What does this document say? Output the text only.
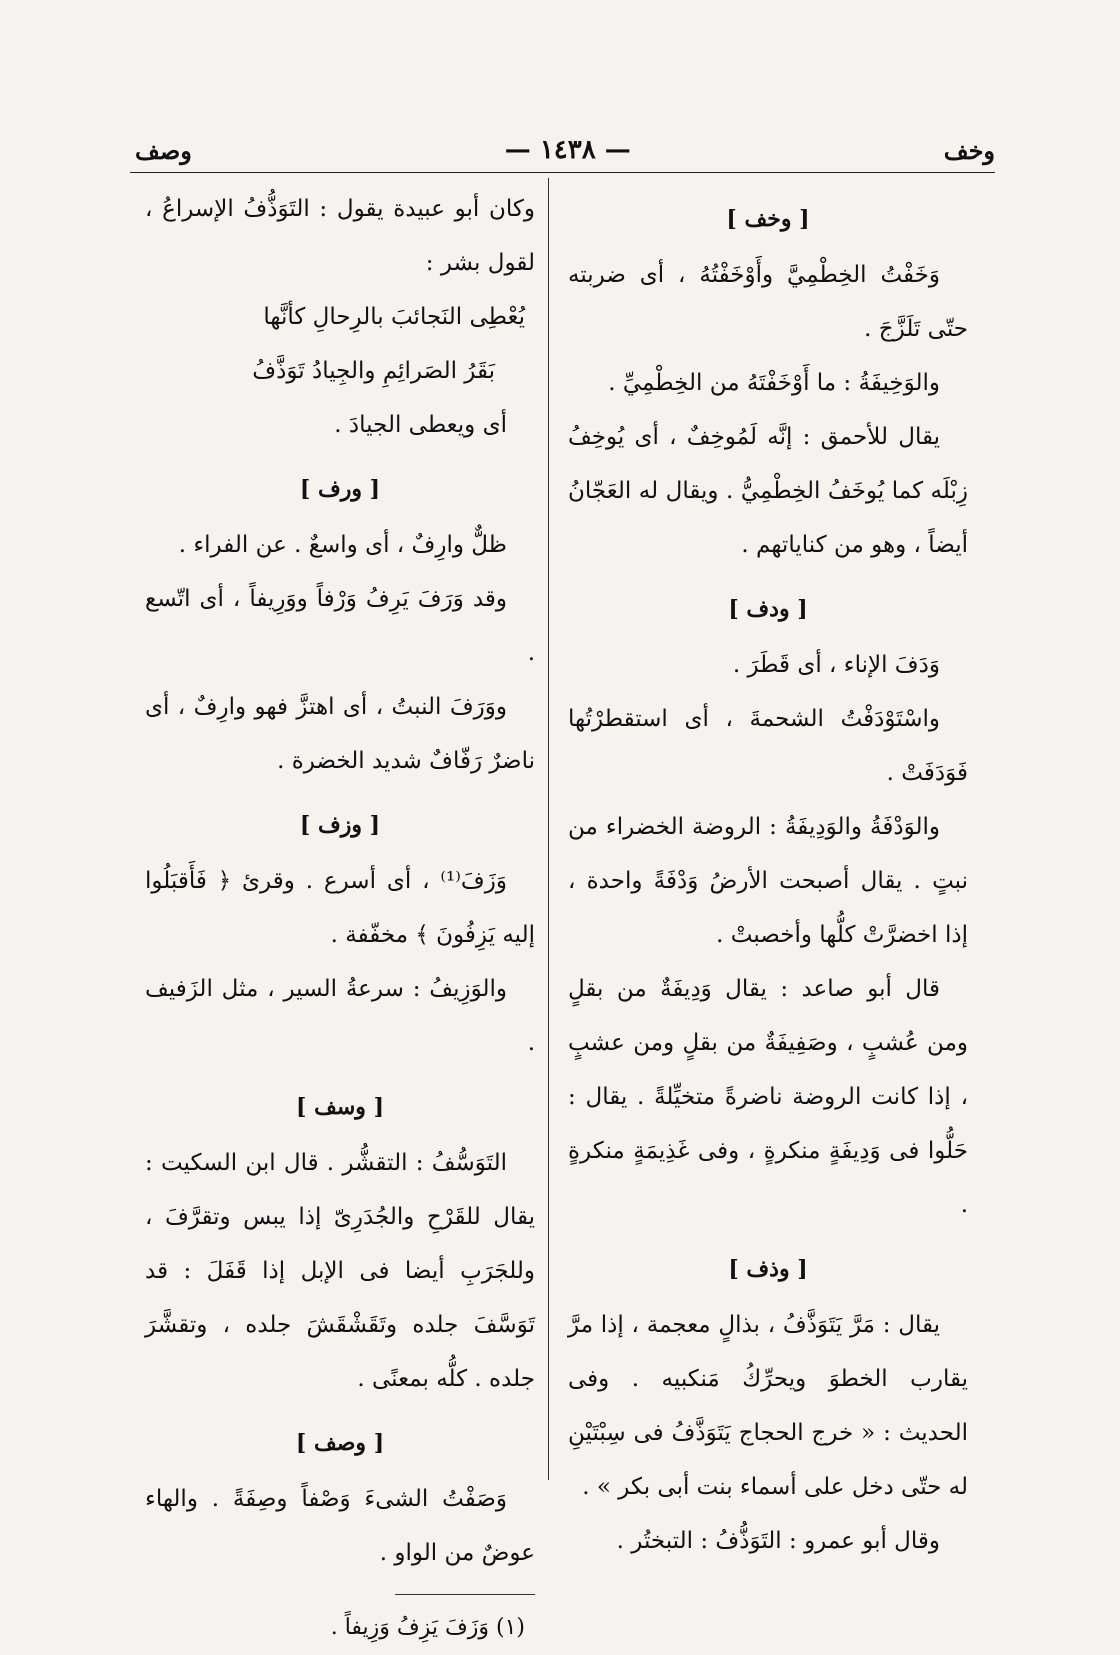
وخف
— ١٤٣٨ —
وصف
[ وخف ]

وَخَفْتُ الخِطْمِيَّ وأَوْخَفْتُهُ ، أى ضربته حتّى تَلَزَّجَ .

والوَخِيفَةُ : ما أَوْخَفْتَهُ من الخِطْمِيِّ .

يقال للأحمق : إنَّه لَمُوخِفٌ ، أى يُوخِفُ زِبْلَه كما يُوخَفُ الخِطْمِيُّ . ويقال له العَجّانُ أيضاً ، وهو من كناياتهم .

[ ودف ]

وَدَفَ الإناء ، أى قَطَرَ .

واسْتَوْدَفْتُ الشحمةَ ، أى استقطرْتُها فَوَدَفَتْ .

والوَدْفَةُ والوَدِيفَةُ : الروضة الخضراء من نبتٍ . يقال أصبحت الأرضُ وَدْفَةً واحدة ، إذا اخضرَّتْ كلُّها وأخصبتْ .

قال أبو صاعد : يقال وَدِيفَةٌ من بقلٍ ومن عُشبٍ ، وصَفِيفَةٌ من بقلٍ ومن عشبٍ ، إذا كانت الروضة ناضرةً متخيِّلةً . يقال : حَلُّوا فى وَدِيفَةٍ منكرةٍ ، وفى غَذِيمَةٍ منكرةٍ .

[ وذف ]

يقال : مَرَّ يَتَوَذَّفُ ، بذالٍ معجمة ، إذا مرَّ يقارب الخطوَ ويحرِّكُ مَنكبيه . وفى الحديث : « خرج الحجاج يَتَوَذَّفُ فى سِبْتَيْنِ له حتّى دخل على أسماء بنت أبى بكر » .

وقال أبو عمرو : التَوَذُّفُ : التبختُر .

وكان أبو عبيدة يقول : التَوَذُّفُ الإسراعُ ، لقول بشر :

يُعْطِى النَجائبَ بالرِحالِ كأنَّها

بَقَرُ الصَرائِمِ والجِيادُ تَوَذَّفُ

أى ويعطى الجيادَ .

[ ورف ]

ظلٌّ وارِفٌ ، أى واسعٌ . عن الفراء .

وقد وَرَفَ يَرِفُ وَرْفاً ووَرِيفاً ، أى اتّسع .

ووَرَفَ النبتُ ، أى اهتزَّ فهو وارِفٌ ، أى ناضرٌ رَفّافٌ شديد الخضرة .

[ وزف ]

وَزَفَ⁽¹⁾ ، أى أسرع . وقرئ ﴿ فَأَقبَلُوا إليه يَزِفُونَ ﴾ مخفّفة .

والوَزِيفُ : سرعةُ السير ، مثل الزَفيف .

[ وسف ]

التَوَسُّفُ : التقشُّر . قال ابن السكيت : يقال للقَرْحِ والجُدَرِىّ إذا يبس وتقرَّفَ ، وللجَرَبِ أيضا فى الإبل إذا قَفَلَ : قد تَوَسَّفَ جلده وتَقَشْقَشَ جلده ، وتقشَّرَ جلده . كلُّه بمعنًى .

[ وصف ]

وَصَفْتُ الشىءَ وَصْفاً وصِفَةً . والهاء عوضٌ من الواو .

(١) وَزَفَ يَزِفُ وَزِيفاً .
